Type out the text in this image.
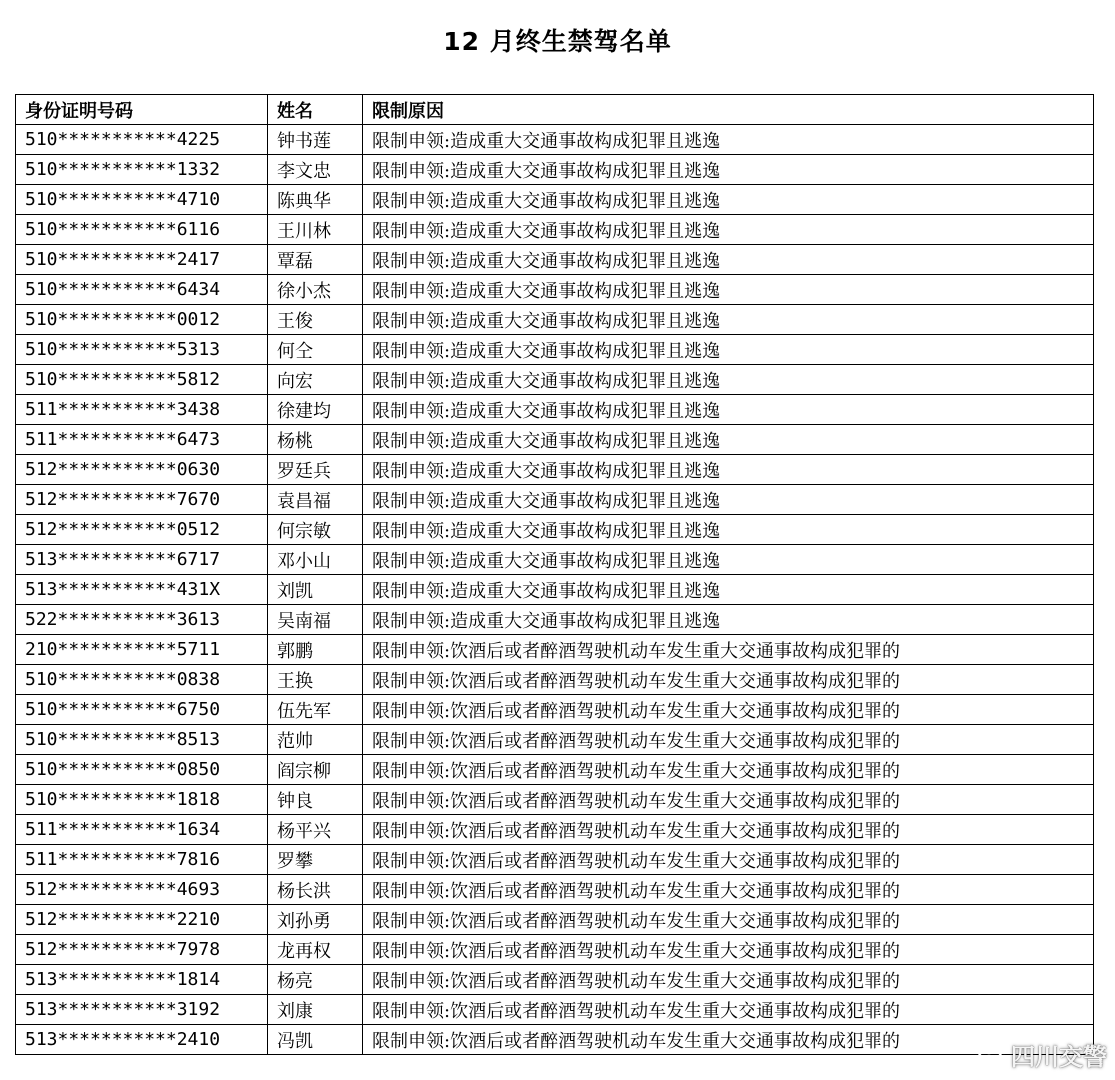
12 月终生禁驾名单
身份证明号码	姓名	限制原因
510***********4225	钟书莲	限制申领:造成重大交通事故构成犯罪且逃逸
510***********1332	李文忠	限制申领:造成重大交通事故构成犯罪且逃逸
510***********4710	陈典华	限制申领:造成重大交通事故构成犯罪且逃逸
510***********6116	王川林	限制申领:造成重大交通事故构成犯罪且逃逸
510***********2417	覃磊	限制申领:造成重大交通事故构成犯罪且逃逸
510***********6434	徐小杰	限制申领:造成重大交通事故构成犯罪且逃逸
510***********0012	王俊	限制申领:造成重大交通事故构成犯罪且逃逸
510***********5313	何仝	限制申领:造成重大交通事故构成犯罪且逃逸
510***********5812	向宏	限制申领:造成重大交通事故构成犯罪且逃逸
511***********3438	徐建均	限制申领:造成重大交通事故构成犯罪且逃逸
511***********6473	杨桃	限制申领:造成重大交通事故构成犯罪且逃逸
512***********0630	罗廷兵	限制申领:造成重大交通事故构成犯罪且逃逸
512***********7670	袁昌福	限制申领:造成重大交通事故构成犯罪且逃逸
512***********0512	何宗敏	限制申领:造成重大交通事故构成犯罪且逃逸
513***********6717	邓小山	限制申领:造成重大交通事故构成犯罪且逃逸
513***********431X	刘凯	限制申领:造成重大交通事故构成犯罪且逃逸
522***********3613	吴南福	限制申领:造成重大交通事故构成犯罪且逃逸
210***********5711	郭鹏	限制申领:饮酒后或者醉酒驾驶机动车发生重大交通事故构成犯罪的
510***********0838	王换	限制申领:饮酒后或者醉酒驾驶机动车发生重大交通事故构成犯罪的
510***********6750	伍先军	限制申领:饮酒后或者醉酒驾驶机动车发生重大交通事故构成犯罪的
510***********8513	范帅	限制申领:饮酒后或者醉酒驾驶机动车发生重大交通事故构成犯罪的
510***********0850	阎宗柳	限制申领:饮酒后或者醉酒驾驶机动车发生重大交通事故构成犯罪的
510***********1818	钟良	限制申领:饮酒后或者醉酒驾驶机动车发生重大交通事故构成犯罪的
511***********1634	杨平兴	限制申领:饮酒后或者醉酒驾驶机动车发生重大交通事故构成犯罪的
511***********7816	罗攀	限制申领:饮酒后或者醉酒驾驶机动车发生重大交通事故构成犯罪的
512***********4693	杨长洪	限制申领:饮酒后或者醉酒驾驶机动车发生重大交通事故构成犯罪的
512***********2210	刘孙勇	限制申领:饮酒后或者醉酒驾驶机动车发生重大交通事故构成犯罪的
512***********7978	龙再权	限制申领:饮酒后或者醉酒驾驶机动车发生重大交通事故构成犯罪的
513***********1814	杨亮	限制申领:饮酒后或者醉酒驾驶机动车发生重大交通事故构成犯罪的
513***********3192	刘康	限制申领:饮酒后或者醉酒驾驶机动车发生重大交通事故构成犯罪的
513***********2410	冯凯	限制申领:饮酒后或者醉酒驾驶机动车发生重大交通事故构成犯罪的
四川交警
